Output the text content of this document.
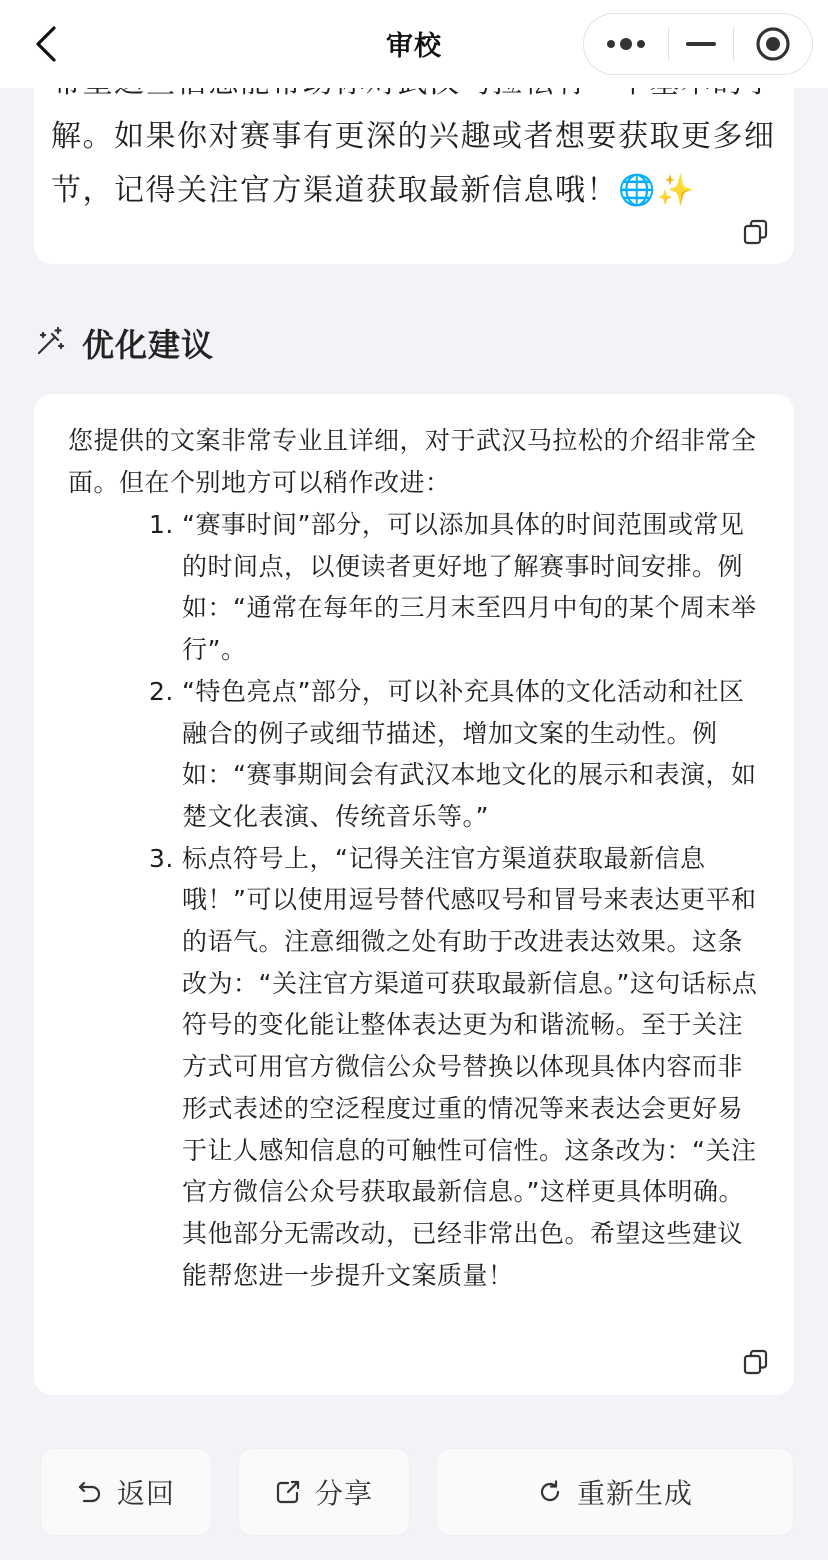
解。如果你对赛事有更深的兴趣或者想要获取更多细节，记得关注官方渠道获取最新信息哦！🌐✨
优化建议

您提供的文案非常专业且详细，对于武汉马拉松的介绍非常全面。但在个别地方可以稍作改进：

1. “赛事时间”部分，可以添加具体的时间范围或常见的时间点，以便读者更好地了解赛事时间安排。例如：“通常在每年的三月末至四月中旬的某个周末举行”。
2. “特色亮点”部分，可以补充具体的文化活动和社区融合的例子或细节描述，增加文案的生动性。例如：“赛事期间会有武汉本地文化的展示和表演，如楚文化表演、传统音乐等。”
3. 标点符号上，“记得关注官方渠道获取最新信息哦！”可以使用逗号替代感叹号和冒号来表达更平和的语气。注意细微之处有助于改进表达效果。这条改为：“关注官方渠道可获取最新信息。”这句话标点符号的变化能让整体表达更为和谐流畅。至于关注方式可用官方微信公众号替换以体现具体内容而非形式表述的空泛程度过重的情况等来表达会更好易于让人感知信息的可触性可信性。这条改为：“关注官方微信公众号获取最新信息。”这样更具体明确。其他部分无需改动，已经非常出色。希望这些建议能帮您进一步提升文案质量！
审校
返回	分享	重新生成
